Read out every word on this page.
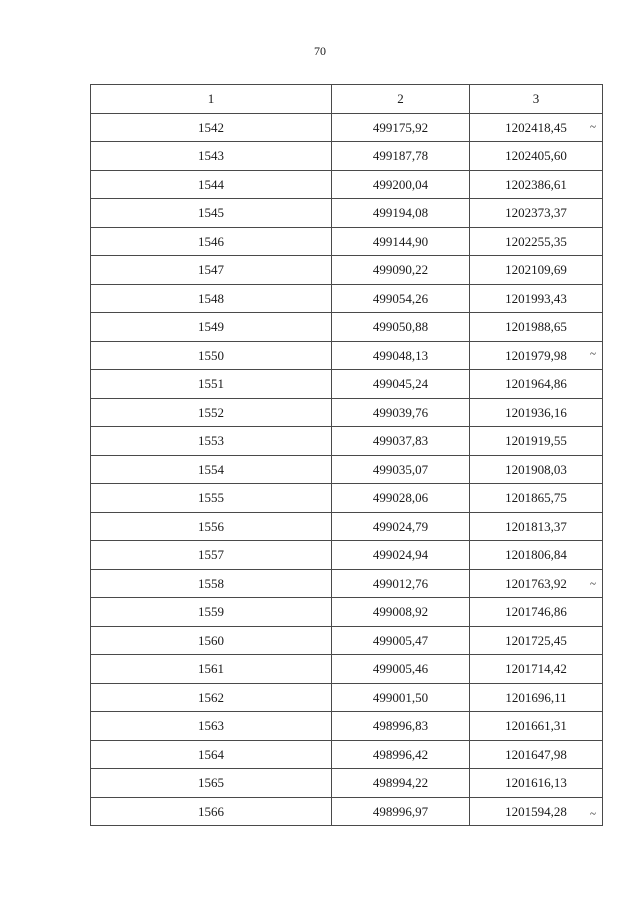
70
1	2	3
1542	499175,92	1202418,45
1543	499187,78	1202405,60
1544	499200,04	1202386,61
1545	499194,08	1202373,37
1546	499144,90	1202255,35
1547	499090,22	1202109,69
1548	499054,26	1201993,43
1549	499050,88	1201988,65
1550	499048,13	1201979,98
1551	499045,24	1201964,86
1552	499039,76	1201936,16
1553	499037,83	1201919,55
1554	499035,07	1201908,03
1555	499028,06	1201865,75
1556	499024,79	1201813,37
1557	499024,94	1201806,84
1558	499012,76	1201763,92
1559	499008,92	1201746,86
1560	499005,47	1201725,45
1561	499005,46	1201714,42
1562	499001,50	1201696,11
1563	498996,83	1201661,31
1564	498996,42	1201647,98
1565	498994,22	1201616,13
1566	498996,97	1201594,28
~
~
~
~
